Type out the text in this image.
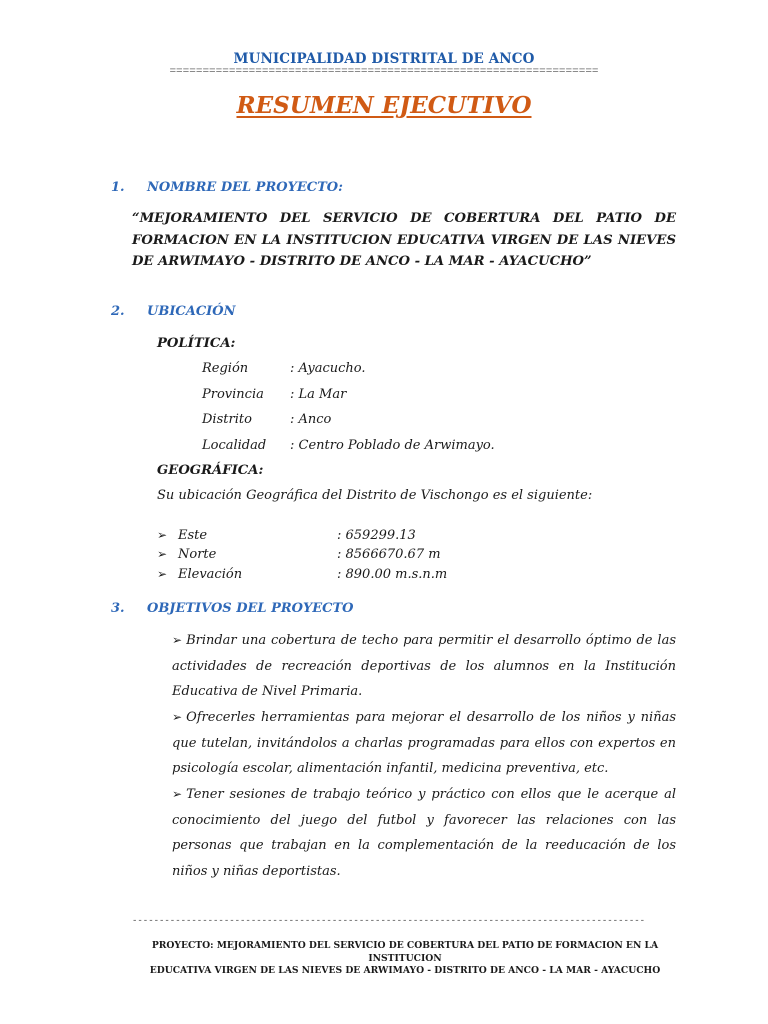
MUNICIPALIDAD DISTRITAL DE ANCO
=================================================================
RESUMEN EJECUTIVO
1. NOMBRE DEL PROYECTO:
“MEJORAMIENTO DEL SERVICIO DE COBERTURA DEL PATIO DE FORMACION EN LA INSTITUCION EDUCATIVA VIRGEN DE LAS NIEVES DE ARWIMAYO - DISTRITO DE ANCO - LA MAR - AYACUCHO”
2. UBICACIÓN
POLÍTICA:
Región	: Ayacucho.
Provincia : La Mar
Distrito	: Anco
Localidad : Centro Poblado de Arwimayo.
GEOGRÁFICA:
Su ubicación Geográfica del Distrito de Vischongo es el siguiente:
➢ Este	: 659299.13
➢ Norte	: 8566670.67 m
➢ Elevación	: 890.00 m.s.n.m
3. OBJETIVOS DEL PROYECTO
➢ Brindar una cobertura de techo para permitir el desarrollo óptimo de las actividades de recreación deportivas de los alumnos en la Institución Educativa de Nivel Primaria.
➢ Ofrecerles herramientas para mejorar el desarrollo de los niños y niñas que tutelan, invitándolos a charlas programadas para ellos con expertos en psicología escolar, alimentación infantil, medicina preventiva, etc.
➢ Tener sesiones de trabajo teórico y práctico con ellos que le acerque al conocimiento del juego del futbol y favorecer las relaciones con las personas que trabajan en la complementación de la reeducación de los niños y niñas deportistas.
-----------------------------------------------------------------------------------------------
PROYECTO: MEJORAMIENTO DEL SERVICIO DE COBERTURA DEL PATIO DE FORMACION EN LA INSTITUCION
EDUCATIVA VIRGEN DE LAS NIEVES DE ARWIMAYO - DISTRITO DE ANCO - LA MAR - AYACUCHO
